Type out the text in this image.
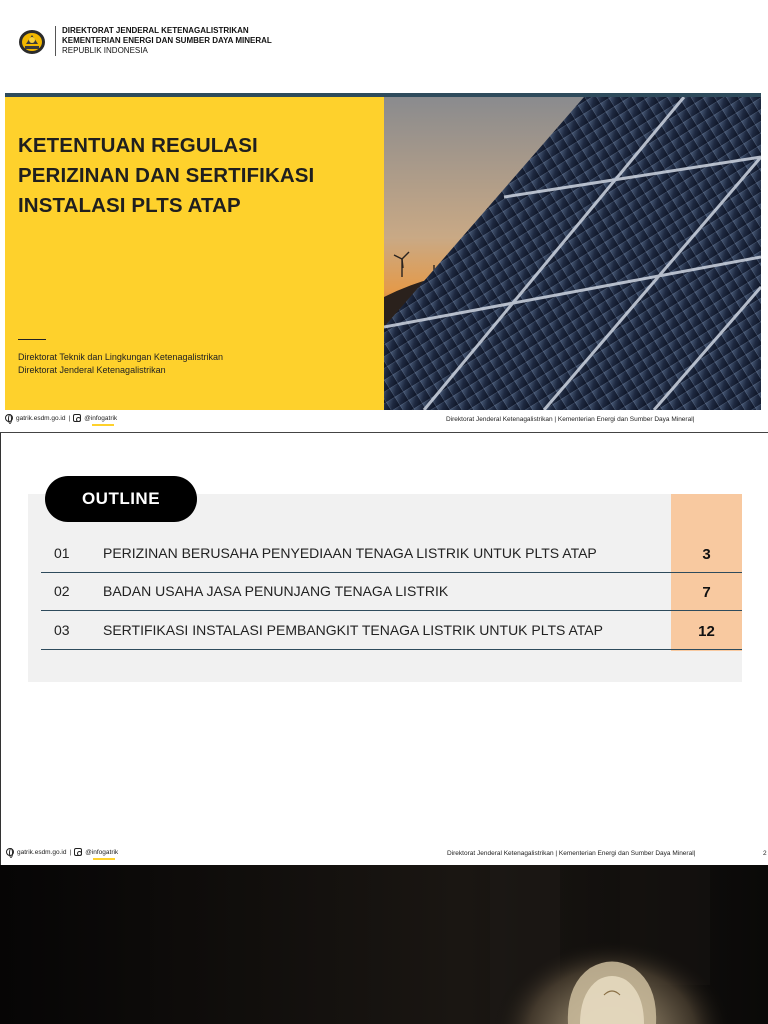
DIREKTORAT JENDERAL KETENAGALISTRIKAN
KEMENTERIAN ENERGI DAN SUMBER DAYA MINERAL
REPUBLIK INDONESIA
KETENTUAN REGULASI
PERIZINAN DAN SERTIFIKASI
INSTALASI PLTS ATAP
Direktorat Teknik dan Lingkungan Ketenagalistrikan
Direktorat Jenderal Ketenagalistrikan
gatrik.esdm.go.id | @infogatrik	Direktorat Jenderal Ketenagalistrikan | Kementerian Energi dan Sumber Daya Mineral|
OUTLINE
01 PERIZINAN BERUSAHA PENYEDIAAN TENAGA LISTRIK UNTUK PLTS ATAP	3
02 BADAN USAHA JASA PENUNJANG TENAGA LISTRIK	7
03 SERTIFIKASI INSTALASI PEMBANGKIT TENAGA LISTRIK UNTUK PLTS ATAP	12
gatrik.esdm.go.id | @infogatrik	Direktorat Jenderal Ketenagalistrikan | Kementerian Energi dan Sumber Daya Mineral|	2
